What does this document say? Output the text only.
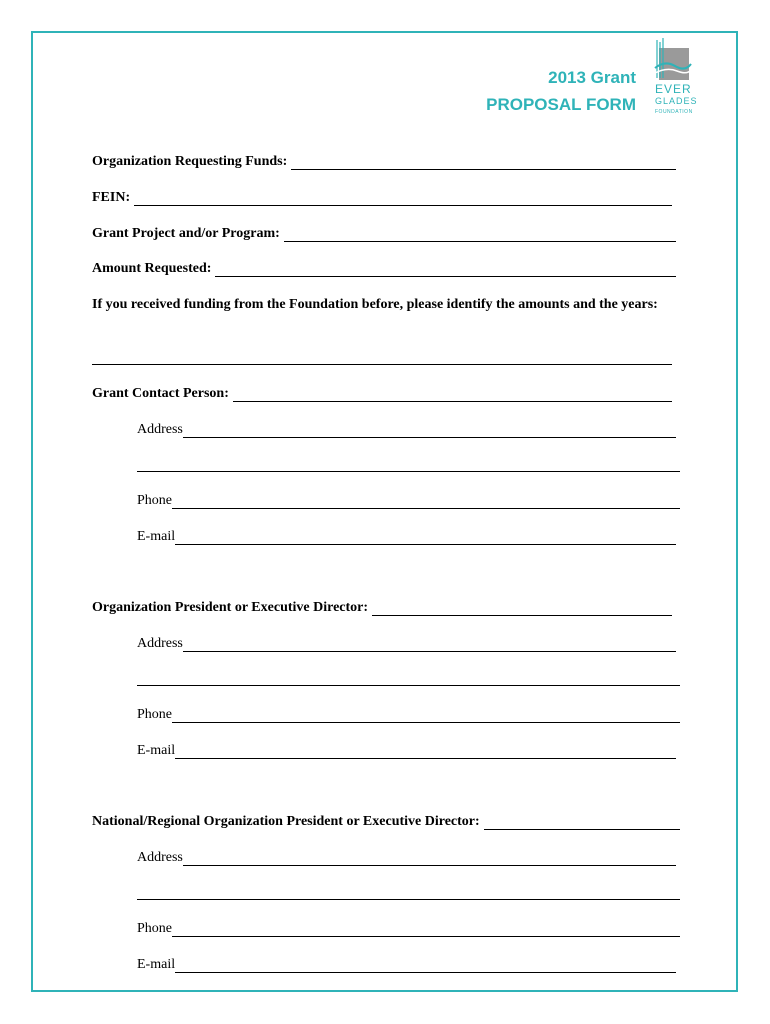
2013 Grant
PROPOSAL FORM
EVER
GLADES
FOUNDATION
Organization Requesting Funds:
FEIN:
Grant Project and/or Program:
Amount Requested:
If you received funding from the Foundation before, please identify the amounts and the years:
Grant Contact Person:
Address
Phone
E-mail
Organization President or Executive Director:
Address
Phone
E-mail
National/Regional Organization President or Executive Director:
Address
Phone
E-mail
